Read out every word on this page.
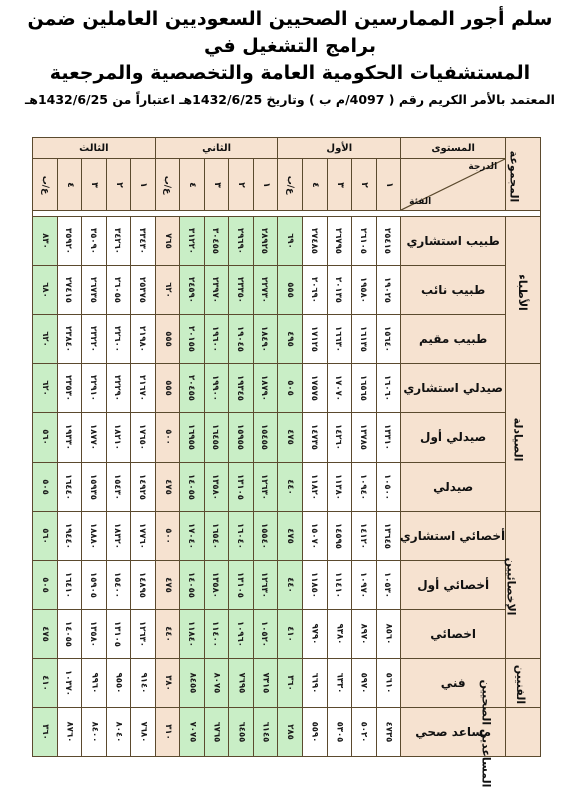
سلم أجور الممارسين الصحيين السعوديين العاملين ضمن برامج التشغيل في
المستشفيات الحكومية العامة والتخصصية والمرجعية
المعتمد بالأمر الكريم رقم ( 4097/م ب ) وتاريخ 1432/6/25هـ اعتباراً من 1432/6/25هـ
المجموعة	المستوى	الأول					الثاني					الثالث				

	الدرجة
الفئة	١	٢	٣	٤	ع/ب	١	٢	٣	٤	ع/ب	١	٢	٣	٤	ع/ب

الأطباء	طبيب استشاري	٢٥٤١٥	٢٦١٠٥	٢٦٧٩٥	٢٧٤٨٥	٦٩٠	٢٨٩٢٥	٢٩٦٩٠	٣٠٤٥٥	٣١٢٢٠	٧٦٥	٣٣٤٣٠	٣٤٢٦٠	٣٥٠٩٠	٣٥٩٢٠	٨٣٠
	طبيب نائب	١٩٠٢٥	١٩٥٨٠	٢٠١٣٥	٢٠٦٩٠	٥٥٥	٢٢٧٣٠	٢٣٣٥٠	٢٣٩٧٠	٢٤٥٩٠	٦٢٠	٢٥٣٧٥	٢٦٠٥٥	٢٦٧٣٥	٢٧٤١٥	٦٨٠
	طبيب مقيم	١٥٦٤٠	١٦١٣٥	١٦٦٣٠	١٧١٢٥	٤٩٥	١٨٤٩٠	١٩٠٤٥	١٩٦٠٠	٢٠١٥٥	٥٥٥	٢١٩٨٠	٢٢٦٠٠	٢٣٢٢٠	٢٣٨٤٠	٦٢٠
الصيادلة	صيدلي استشاري	١٦٠٦٠	١٦٥٦٥	١٧٠٧٠	١٧٥٧٥	٥٠٥	١٨٧٩٠	١٩٣٤٥	١٩٩٠٠	٢٠٤٥٥	٥٥٥	٢١٦٧٠	٢٢٢٩٠	٢٢٩١٠	٢٣٥٣٠	٦٢٠
	صيدلي أول	١٣٣١٠	١٣٧٨٥	١٤٢٦٠	١٤٧٣٥	٤٧٥	١٥٤٥٥	١٥٩٥٥	١٦٤٥٥	١٦٩٥٥	٥٠٠	١٧٦٥٠	١٨٢١٠	١٨٧٧٠	١٩٣٣٠	٥٦٠
	صيدلي	١٠٥٠٠	١٠٩٤٠	١١٣٨٠	١١٨٢٠	٤٤٠	١٢٦٣٠	١٣١٠٥	١٣٥٨٠	١٤٠٥٥	٤٧٥	١٤٩٢٥	١٥٤٣٠	١٥٩٣٥	١٦٤٤٠	٥٠٥
الإخصائيين	أخصائي استشاري	١٣٦٤٥	١٤١٢٠	١٤٥٩٥	١٥٠٧٠	٤٧٥	١٥٥٤٠	١٦٠٤٠	١٦٥٤٠	١٧٠٤٠	٥٠٠	١٧٧٦٠	١٨٣٢٠	١٨٨٨٠	١٩٤٤٠	٥٦٠
	أخصائي أول	١٠٥٣٠	١٠٩٧٠	١١٤١٠	١١٨٥٠	٤٤٠	١٢٦٣٠	١٣١٠٥	١٣٥٨٠	١٤٠٥٥	٤٧٥	١٤٨٩٥	١٥٤٠٠	١٥٩٠٥	١٦٤١٠	٥٠٥
	اخصائي	٨٥٦٠	٨٩٧٠	٩٣٨٠	٩٧٩٠	٤١٠	١٠٥٢٠	١٠٩٦٠	١١٤٠٠	١١٨٤٠	٤٤٠	١٢٦٣٠	١٣١٠٥	١٣٥٨٠	١٤٠٥٥	٤٧٥
الفنيين	فني	٥٦١٠	٥٩٧٠	٦٣٣٠	٦٦٩٠	٣٦٠	٧٣١٥	٧٦٩٥	٨٠٧٥	٨٤٥٥	٣٨٠	٩١٤٠	٩٥٥٠	٩٩٦٠	١٠٣٧٠	٤١٠
المساعدين الصحيين	مساعد صحي	٤٧٣٥	٥٠٢٠	٥٣٠٥	٥٥٩٠	٢٨٥	٦١٤٥	٦٤٥٥	٦٧٦٥	٧٠٧٥	٣١٠	٧٦٨٠	٨٠٤٠	٨٤٠٠	٨٧٦٠	٣٦٠
